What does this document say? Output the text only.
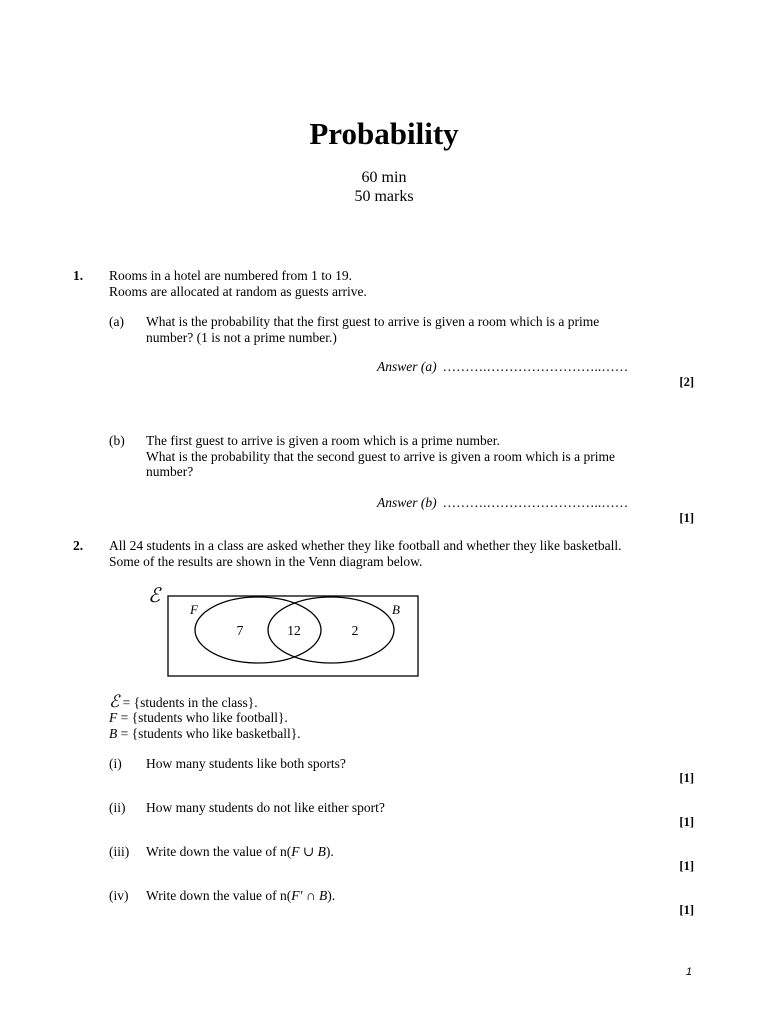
Probability
60 min
50 marks
1. Rooms in a hotel are numbered from 1 to 19.
Rooms are allocated at random as guests arrive.
(a) What is the probability that the first guest to arrive is given a room which is a prime
number? (1 is not a prime number.)
Answer (a) ……….……………………..……
[2]
(b) The first guest to arrive is given a room which is a prime number.
What is the probability that the second guest to arrive is given a room which is a prime
number?
Answer (b) ……….……………………..……
[1]
2. All 24 students in a class are asked whether they like football and whether they like basketball.
Some of the results are shown in the Venn diagram below.
ℰ
F	B
7	12	2
ℰ = {students in the class}.
F = {students who like football}.
B = {students who like basketball}.
(i) How many students like both sports?
[1]
(ii) How many students do not like either sport?
[1]
(iii) Write down the value of n(F ∪ B).
[1]
(iv) Write down the value of n(F′ ∩ B).
[1]
1
